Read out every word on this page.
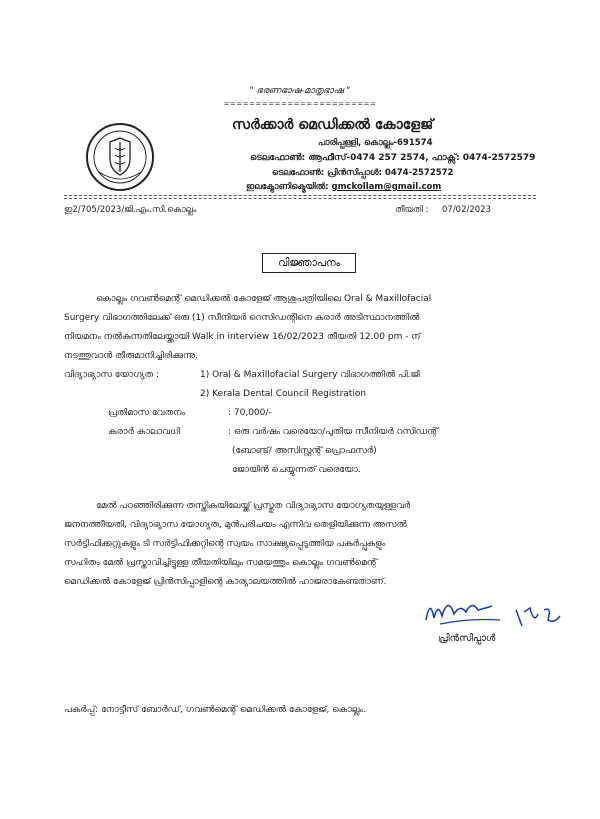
" ഭരണഭാഷ-മാതൃഭാഷ "
========================
സർക്കാർ മെഡിക്കൽ കോളേജ്
പാരിപ്പള്ളി, കൊല്ലം-691574
ടെലഫോൺ: ആഫീസ്-0474 257 2574, ഫാക്സ്: 0474-2572579
ടെലഫോൺ: പ്രിൻസിപ്പാൾ: 0474-2572572
ഇലക്ട്രോണിക്മെയിൽ: gmckollam@gmail.com
ഇ2/705/2023/ജി.എം.സി.കൊല്ലം	തീയതി : 07/02/2023
വിജ്ഞാപനം
കൊല്ലം ഗവൺമെന്റ് മെഡിക്കൽ കോളേജ് ആശുപത്രിയിലെ Oral & Maxillofacial
Surgery വിഭാഗത്തിലേക്ക് ഒരു (1) സീനിയർ റെസിഡന്റിനെ കരാർ അടിസ്ഥാനത്തിൽ
നിയമനം നൽകുന്നതിലേയ്ക്കായി Walk in interview 16/02/2023 തീയതി 12.00 pm - ന്
നടത്തുവാൻ തീരുമാനിച്ചിരിക്കുന്നു.
വിദ്യാഭ്യാസ യോഗ്യത :	1) Oral & Maxillofacial Surgery വിഭാഗത്തിൽ പി.ജി
2) Kerala Dental Council Registration
പ്രതിമാസ വേതനം	: 70,000/-
കരാർ കാലാവധി	: ഒരു വർഷം വരെയോ/പുതിയ സീനിയർ റസിഡന്റ്
(ബോണ്ട്/ അസിസ്റ്റന്റ് പ്രൊഫസർ)
ജോയിൻ ചെയ്യുന്നത് വരെയോ.
മേൽ പറഞ്ഞിരിക്കുന്ന തസ്തികയിലേയ്ക്ക് പ്രസ്തുത വിദ്യാഭ്യാസ യോഗ്യതയുള്ളവർ
ജനനത്തീയതി, വിദ്യാഭ്യാസ യോഗ്യത, മുൻപരിചയം എന്നിവ തെളിയിക്കുന്ന അസൽ
സർട്ടിഫിക്കറ്റുകളും ടി സർട്ടിഫിക്കറ്റിന്റെ സ്വയം സാക്ഷ്യപ്പെടുത്തിയ പകർപ്പുകളും
സഹിതം മേൽ പ്രസ്താവിച്ചിട്ടുള്ള തീയതിയിലും സമയത്തും കൊല്ലം ഗവൺമെന്റ്
മെഡിക്കൽ കോളേജ് പ്രിൻസിപ്പാളിന്റെ കാര്യാലയത്തിൽ ഹാജരാകേണ്ടതാണ്.
പ്രിൻസിപ്പാൾ
പകർപ്പ്: നോട്ടീസ് ബോർഡ്, ഗവൺമെന്റ് മെഡിക്കൽ കോളേജ്, കൊല്ലം.
